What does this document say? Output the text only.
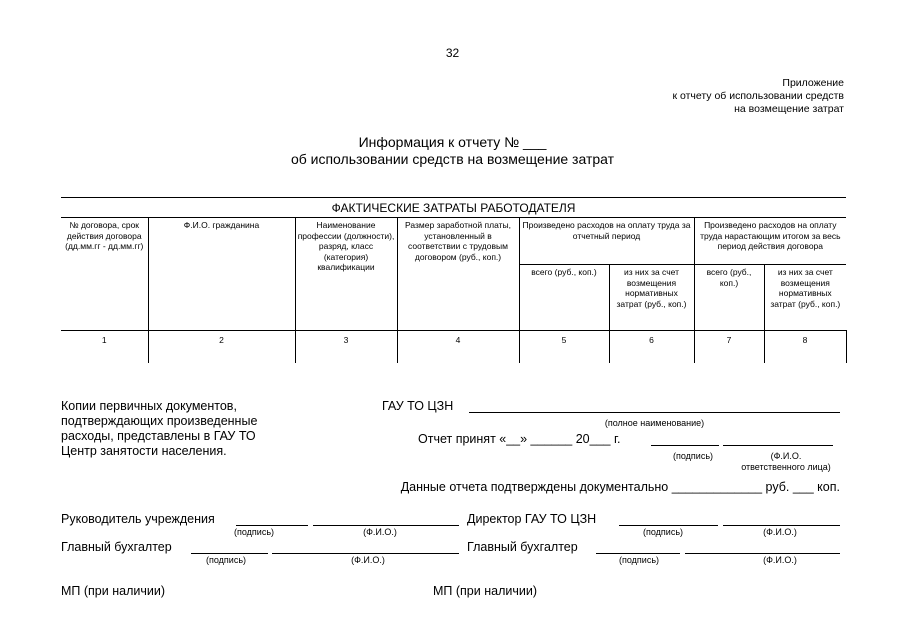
32
Приложение
к отчету об использовании средств
на возмещение затрат
Информация к отчету № ___
об использовании средств на возмещение затрат
ФАКТИЧЕСКИЕ ЗАТРАТЫ РАБОТОДАТЕЛЯ							
№ договора, срок действия договора (дд.мм.гг - дд.мм.гг)	Ф.И.О. гражданина	Наименование профессии (должности), разряд, класс (категория) квалификации	Размер заработной платы, установленный в соответствии с трудовым договором (руб., коп.)	Произведено расходов на оплату труда за отчетный период		Произведено расходов на оплату труда нарастающим итогом за весь период действия договора	
				всего (руб., коп.)	из них за счет возмещения нормативных затрат (руб., коп.)	всего (руб., коп.)	из них за счет возмещения нормативных затрат (руб., коп.)
1	2	3	4	5	6	7	8
Копии первичных документов,
подтверждающих произведенные
расходы, представлены в ГАУ ТО
Центр занятости населения.
ГАУ ТО ЦЗН
(полное наименование)
Отчет принят «__» ______ 20___ г.
(подпись)	(Ф.И.О.
ответственного лица)
Данные отчета подтверждены документально _____________ руб. ___ коп.
Руководитель учреждения
(подпись)	(Ф.И.О.)
Директор ГАУ ТО ЦЗН
(подпись)	(Ф.И.О.)
Главный бухгалтер
(подпись)	(Ф.И.О.)
Главный бухгалтер
(подпись)	(Ф.И.О.)
МП (при наличии)	МП (при наличии)
